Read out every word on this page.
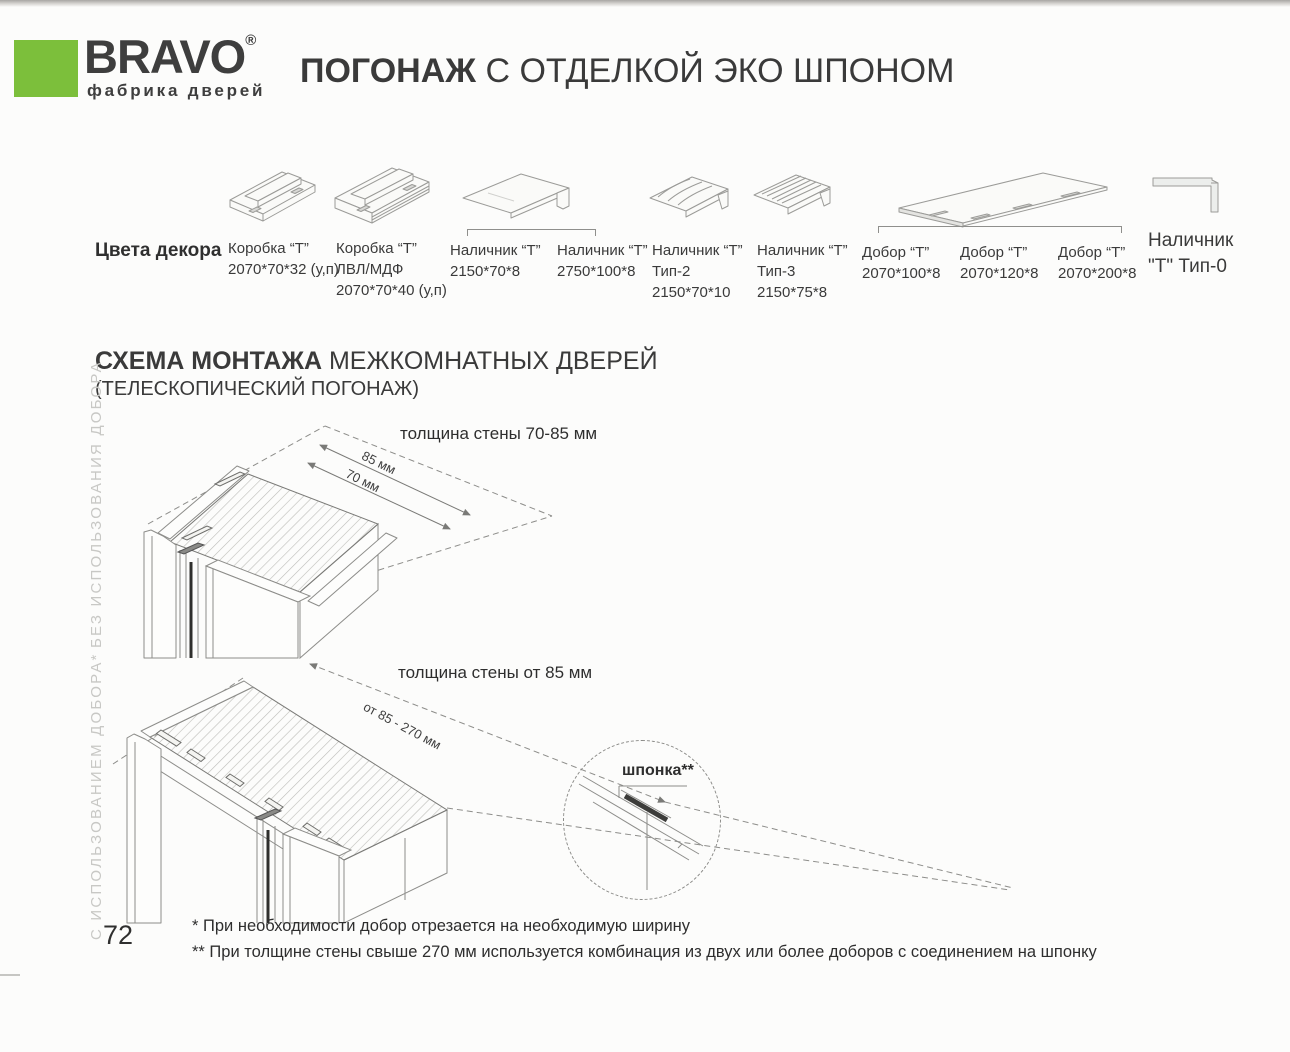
BRAVO®
фабрика дверей
ПОГОНАЖ С ОТДЕЛКОЙ ЭКО ШПОНОМ
Цвета декора Коробка “Т”
2070*70*32 (у,п)
Коробка “Т”
ЛВЛ/МДФ
2070*70*40 (у,п)
Наличник “Т”
2150*70*8
Наличник “Т”
2750*100*8
Наличник “Т”
Тип-2
2150*70*10
Наличник “Т”
Тип-3
2150*75*8
Добор “Т”
2070*100*8
Добор “Т”
2070*120*8
Добор “Т”
2070*200*8
Наличник
"Т" Тип-0
СХЕМА МОНТАЖА МЕЖКОМНАТНЫХ ДВЕРЕЙ
(ТЕЛЕСКОПИЧЕСКИЙ ПОГОНАЖ)
БЕЗ ИСПОЛЬЗОВАНИЯ ДОБОРА	толщина стены 70-85 мм
85 мм
70 мм
С ИСПОЛЬЗОВАНИЕМ ДОБОРА*	толщина стены от 85 мм
от 85 - 270 мм
шпонка**
72	* При необходимости добор отрезается на необходимую ширину
** При толщине стены свыше 270 мм используется комбинация из двух или более доборов с соединением на шпонку
